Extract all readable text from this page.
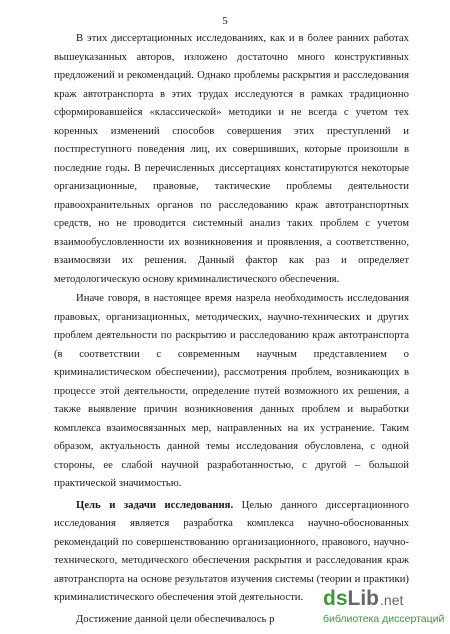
5

В этих диссертационных исследованиях, как и в более ранних работах вышеуказанных авторов, изложено достаточно много конструктивных предложений и рекомендаций. Однако проблемы раскрытия и расследования краж автотранспорта в этих трудах исследуются в рамках традиционно сформировавшейся «классической» методики и не всегда с учетом тех коренных изменений способов совершения этих преступлений и постпреступного поведения лиц, их совершивших, которые произошли в последние годы. В перечисленных диссертациях констатируются некоторые организационные, правовые, тактические проблемы деятельности правоохранительных органов по расследованию краж автотранспортных средств, но не проводится системный анализ таких проблем с учетом взаимообусловленности их возникновения и проявления, а соответственно, взаимосвязи их решения. Данный фактор как раз и определяет методологическую основу криминалистического обеспечения.

Иначе говоря, в настоящее время назрела необходимость исследования правовых, организационных, методических, научно-технических и других проблем деятельности по раскрытию и расследованию краж автотранспорта (в соответствии с современным научным представлением о криминалистическом обеспечении), рассмотрения проблем, возникающих в процессе этой деятельности, определение путей возможного их решения, а также выявление причин возникновения данных проблем и выработки комплекса взаимосвязанных мер, направленных на их устранение. Таким образом, актуальность данной темы исследования обусловлена, с одной стороны, ее слабой научной разработанностью, с другой – большой практической значимостью.

Цель и задачи исследования. Целью данного диссертационного исследования является разработка комплекса научно-обоснованных рекомендаций по совершенствованию организационного, правового, научно-технического, методического обеспечения раскрытия и расследования краж автотранспорта на основе результатов изучения системы (теории и практики) криминалистического обеспечения этой деятельности.

Достижение данной цели обеспечивалось р

ds Lib .net
библиотека диссертаций
